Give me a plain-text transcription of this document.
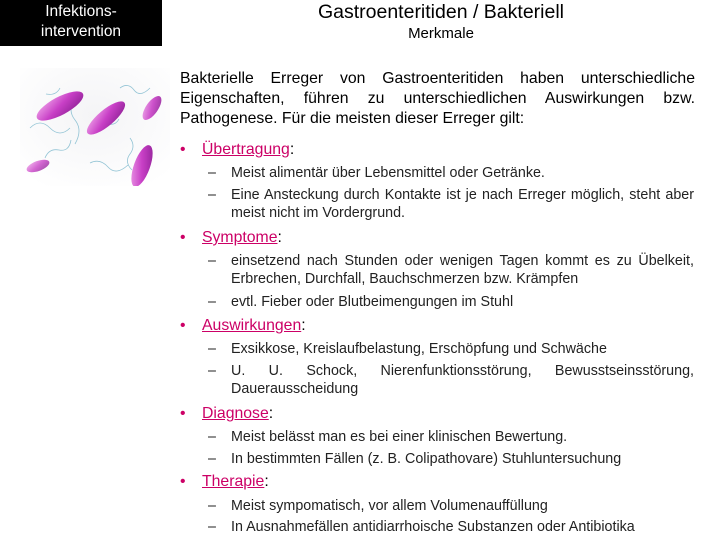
Infektions-
intervention
Gastroenteritiden / Bakteriell
Merkmale
Bakterielle Erreger von Gastroenteritiden haben unterschiedliche Eigenschaften, führen zu unterschiedlichen Auswirkungen bzw. Pathogenese. Für die meisten dieser Erreger gilt:
• Übertragung:
–	Meist alimentär über Lebensmittel oder Getränke.
–	Eine Ansteckung durch Kontakte ist je nach Erreger möglich, steht aber meist nicht im Vordergrund.
• Symptome:
–	einsetzend nach Stunden oder wenigen Tagen kommt es zu Übelkeit, Erbrechen, Durchfall, Bauchschmerzen bzw. Krämpfen
–	evtl. Fieber oder Blutbeimengungen im Stuhl
• Auswirkungen:
–	Exsikkose, Kreislaufbelastung, Erschöpfung und Schwäche
–	U. U. Schock, Nierenfunktionsstörung, Bewusstseinsstörung, Dauerausscheidung
• Diagnose:
–	Meist belässt man es bei einer klinischen Bewertung.
–	In bestimmten Fällen (z. B. Colipathovare) Stuhluntersuchung
• Therapie:
–	Meist sympomatisch, vor allem Volumenauffüllung
–	In Ausnahmefällen antidiarrhoische Substanzen oder Antibiotika
